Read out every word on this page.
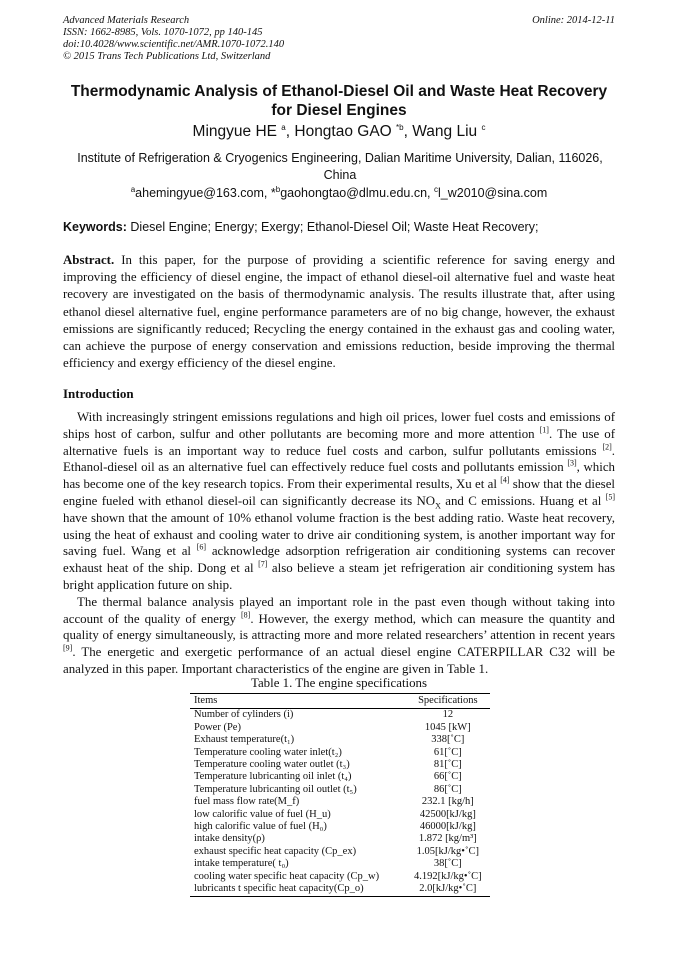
Advanced Materials Research
ISSN: 1662-8985, Vols. 1070-1072, pp 140-145
doi:10.4028/www.scientific.net/AMR.1070-1072.140
© 2015 Trans Tech Publications Ltd, Switzerland
Online: 2014-12-11
Thermodynamic Analysis of Ethanol-Diesel Oil and Waste Heat Recovery for Diesel Engines
Mingyue HE $^a$, Hongtao GAO $^{*b}$, Wang Liu $^c$
Institute of Refrigeration & Cryogenics Engineering, Dalian Maritime University, Dalian, 116026, China
$^a$ahemingyue@163.com, *$^b$gaohongtao@dlmu.edu.cn, $^c$l_w2010@sina.com
Keywords: Diesel Engine; Energy; Exergy; Ethanol-Diesel Oil; Waste Heat Recovery;
Abstract. In this paper, for the purpose of providing a scientific reference for saving energy and improving the efficiency of diesel engine, the impact of ethanol diesel-oil alternative fuel and waste heat recovery are investigated on the basis of thermodynamic analysis. The results illustrate that, after using ethanol diesel alternative fuel, engine performance parameters are of no big change, however, the exhaust emissions are significantly reduced; Recycling the energy contained in the exhaust gas and cooling water, can achieve the purpose of energy conservation and emissions reduction, beside improving the thermal efficiency and exergy efficiency of the diesel engine.
Introduction

With increasingly stringent emissions regulations and high oil prices, lower fuel costs and emissions of ships host of carbon, sulfur and other pollutants are becoming more and more attention [1]. The use of alternative fuels is an important way to reduce fuel costs and carbon, sulfur pollutants emissions [2]. Ethanol-diesel oil as an alternative fuel can effectively reduce fuel costs and pollutants emission [3], which has become one of the key research topics. From their experimental results, Xu et al [4] show that the diesel engine fueled with ethanol diesel-oil can significantly decrease its $NO_X$ and C emissions. Huang et al [5] have shown that the amount of 10% ethanol volume fraction is the best adding ratio. Waste heat recovery, using the heat of exhaust and cooling water to drive air conditioning system, is another important way for saving fuel. Wang et al [6] acknowledge adsorption refrigeration air conditioning systems can recover exhaust heat of the ship. Dong et al [7] also believe a steam jet refrigeration air conditioning system has bright application future on ship.

The thermal balance analysis played an important role in the past even though without taking into account of the quality of energy [8]. However, the exergy method, which can measure the quantity and quality of energy simultaneously, is attracting more and more related researchers’ attention in recent years [9]. The energetic and exergetic performance of an actual diesel engine CATERPILLAR C32 will be analyzed in this paper. Important characteristics of the engine are given in Table 1.

Table 1. The engine specifications
Items	Specifications
Number of cylinders (i)	12
Power (Pe)	1045 [kW]
Exhaust temperature(t₁)	338[˚C]
Temperature cooling water inlet(t₂)	61[˚C]
Temperature cooling water outlet (t₃)	81[˚C]
Temperature lubricanting oil inlet (t₄)	66[˚C]
Temperature lubricanting oil outlet (t₅)	86[˚C]
fuel mass flow rate(M_f)	232.1 [kg/h]
low calorific value of fuel (H_u)	42500[kJ/kg]
high calorific value of fuel (H₀)	46000[kJ/kg]
intake density(ρ)	1.872 [kg/m³]
exhaust specific heat capacity (Cp_ex)	1.05[kJ/kg•˚C]
intake temperature( t₀)	38[˚C]
cooling water specific heat capacity (Cp_w)	4.192[kJ/kg•˚C]
lubricants t specific heat capacity(Cp_o)	2.0[kJ/kg•˚C]
